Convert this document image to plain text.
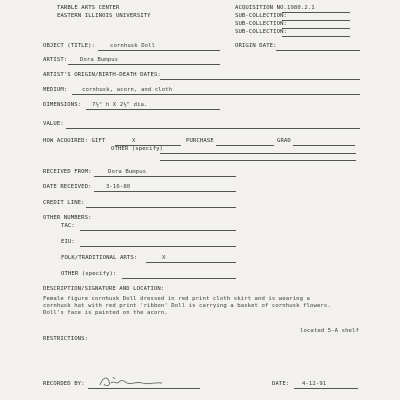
TARBLE ARTS CENTER
EASTERN ILLINOIS UNIVERSITY
ACQUISITION NO. 1980.2.1
SUB-COLLECTION:
SUB-COLLECTION:
SUB-COLLECTION:
OBJECT (TITLE):	cornhusk Doll	ORIGIN DATE:
ARTIST: Dora Bumpus
ARTIST'S ORIGIN/BIRTH-DEATH DATES:
MEDIUM:	cornhusk, acorn, and cloth
DIMENSIONS: 7½" h X 2½" dia.
VALUE:
HOW ACQUIRED: GIFT	X	PURCHASE	GRAD
OTHER (specify)
RECEIVED FROM:	Dora Bumpus
DATE RECEIVED:	3-16-80
CREDIT LINE:
OTHER NUMBERS:
TAC:
EIU:
FOLK/TRADITIONAL ARTS:	X
OTHER (specify):
DESCRIPTION/SIGNATURE AND LOCATION:
Female figure cornhusk Doll dressed in red print cloth skirt and is wearing a
cornhusk hat with red print 'ribbon' Doll is carrying a basket of cornhusk flowers.
Doll's face is painted on the acorn.
located 5-A shelf
RESTRICTIONS:
RECORDED BY:	DATE: 4-12-91
